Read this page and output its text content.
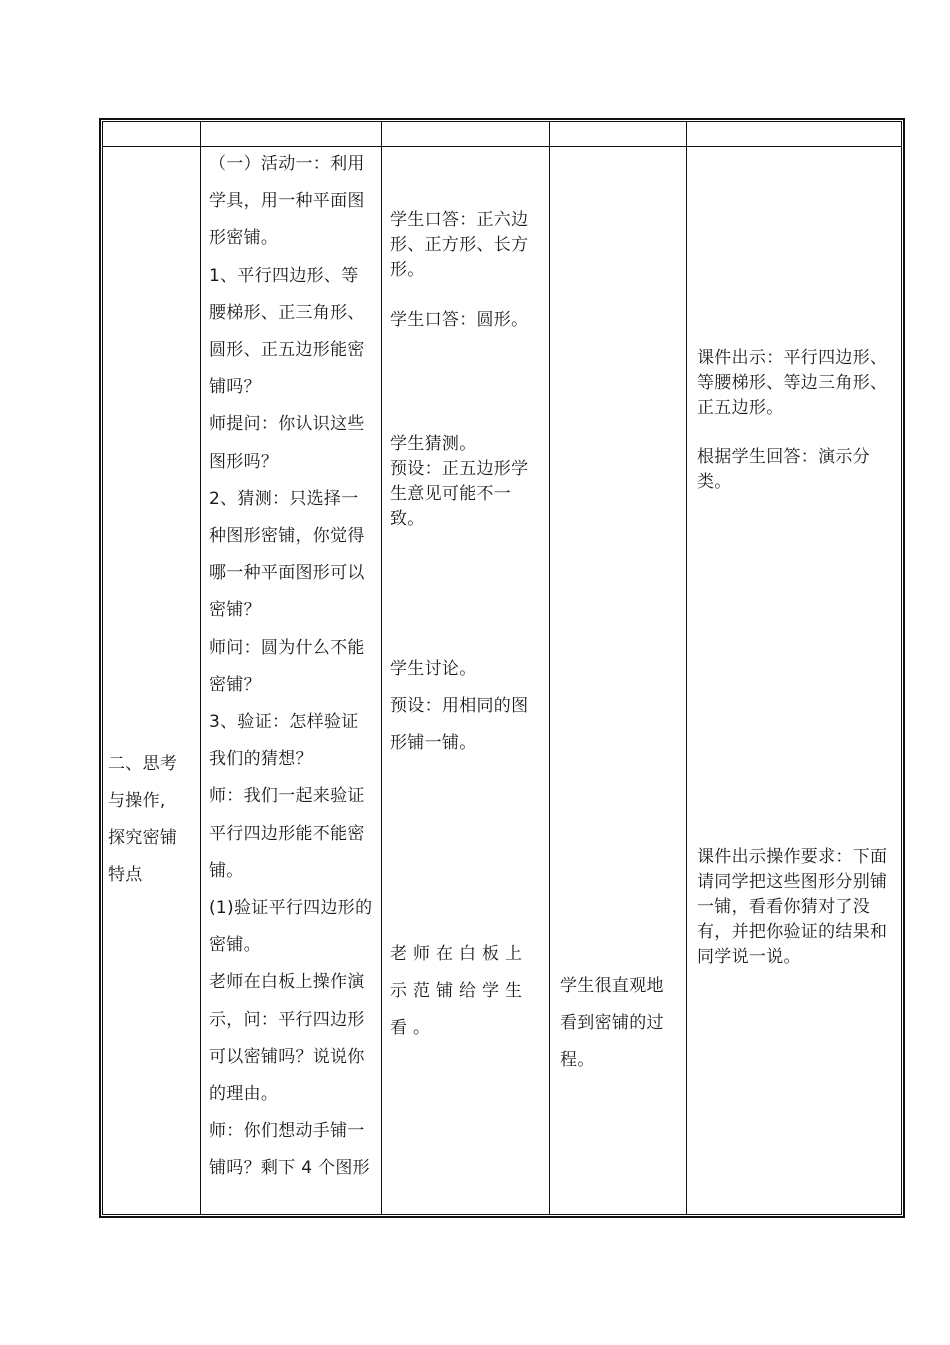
二、思考
与操作,
探究密铺
特点

（一）活动一：利用学具，用一种平面图形密铺。

1、平行四边形、等腰梯形、正三角形、圆形、正五边形能密铺吗？

师提问：你认识这些图形吗？

2、猜测：只选择一种图形密铺，你觉得哪一种平面图形可以密铺？

师问：圆为什么不能密铺？

3、验证：怎样验证我们的猜想？

师：我们一起来验证平行四边形能不能密铺。

(1)验证平行四边形的密铺。

老师在白板上操作演示，问：平行四边形可以密铺吗？说说你的理由。

师：你们想动手铺一铺吗？剩下 4 个图形

学生口答：正六边形、正方形、长方形。
学生口答：圆形。
学生猜测。
预设：正五边形学生意见可能不一致。
学生讨论。
预设：用相同的图形铺一铺。
老师在白板上示范铺给学生看。
学生很直观地看到密铺的过程。
课件出示：平行四边形、等腰梯形、等边三角形、正五边形。
根据学生回答：演示分类。
课件出示操作要求：下面请同学把这些图形分别铺一铺，看看你猜对了没有，并把你验证的结果和同学说一说。
